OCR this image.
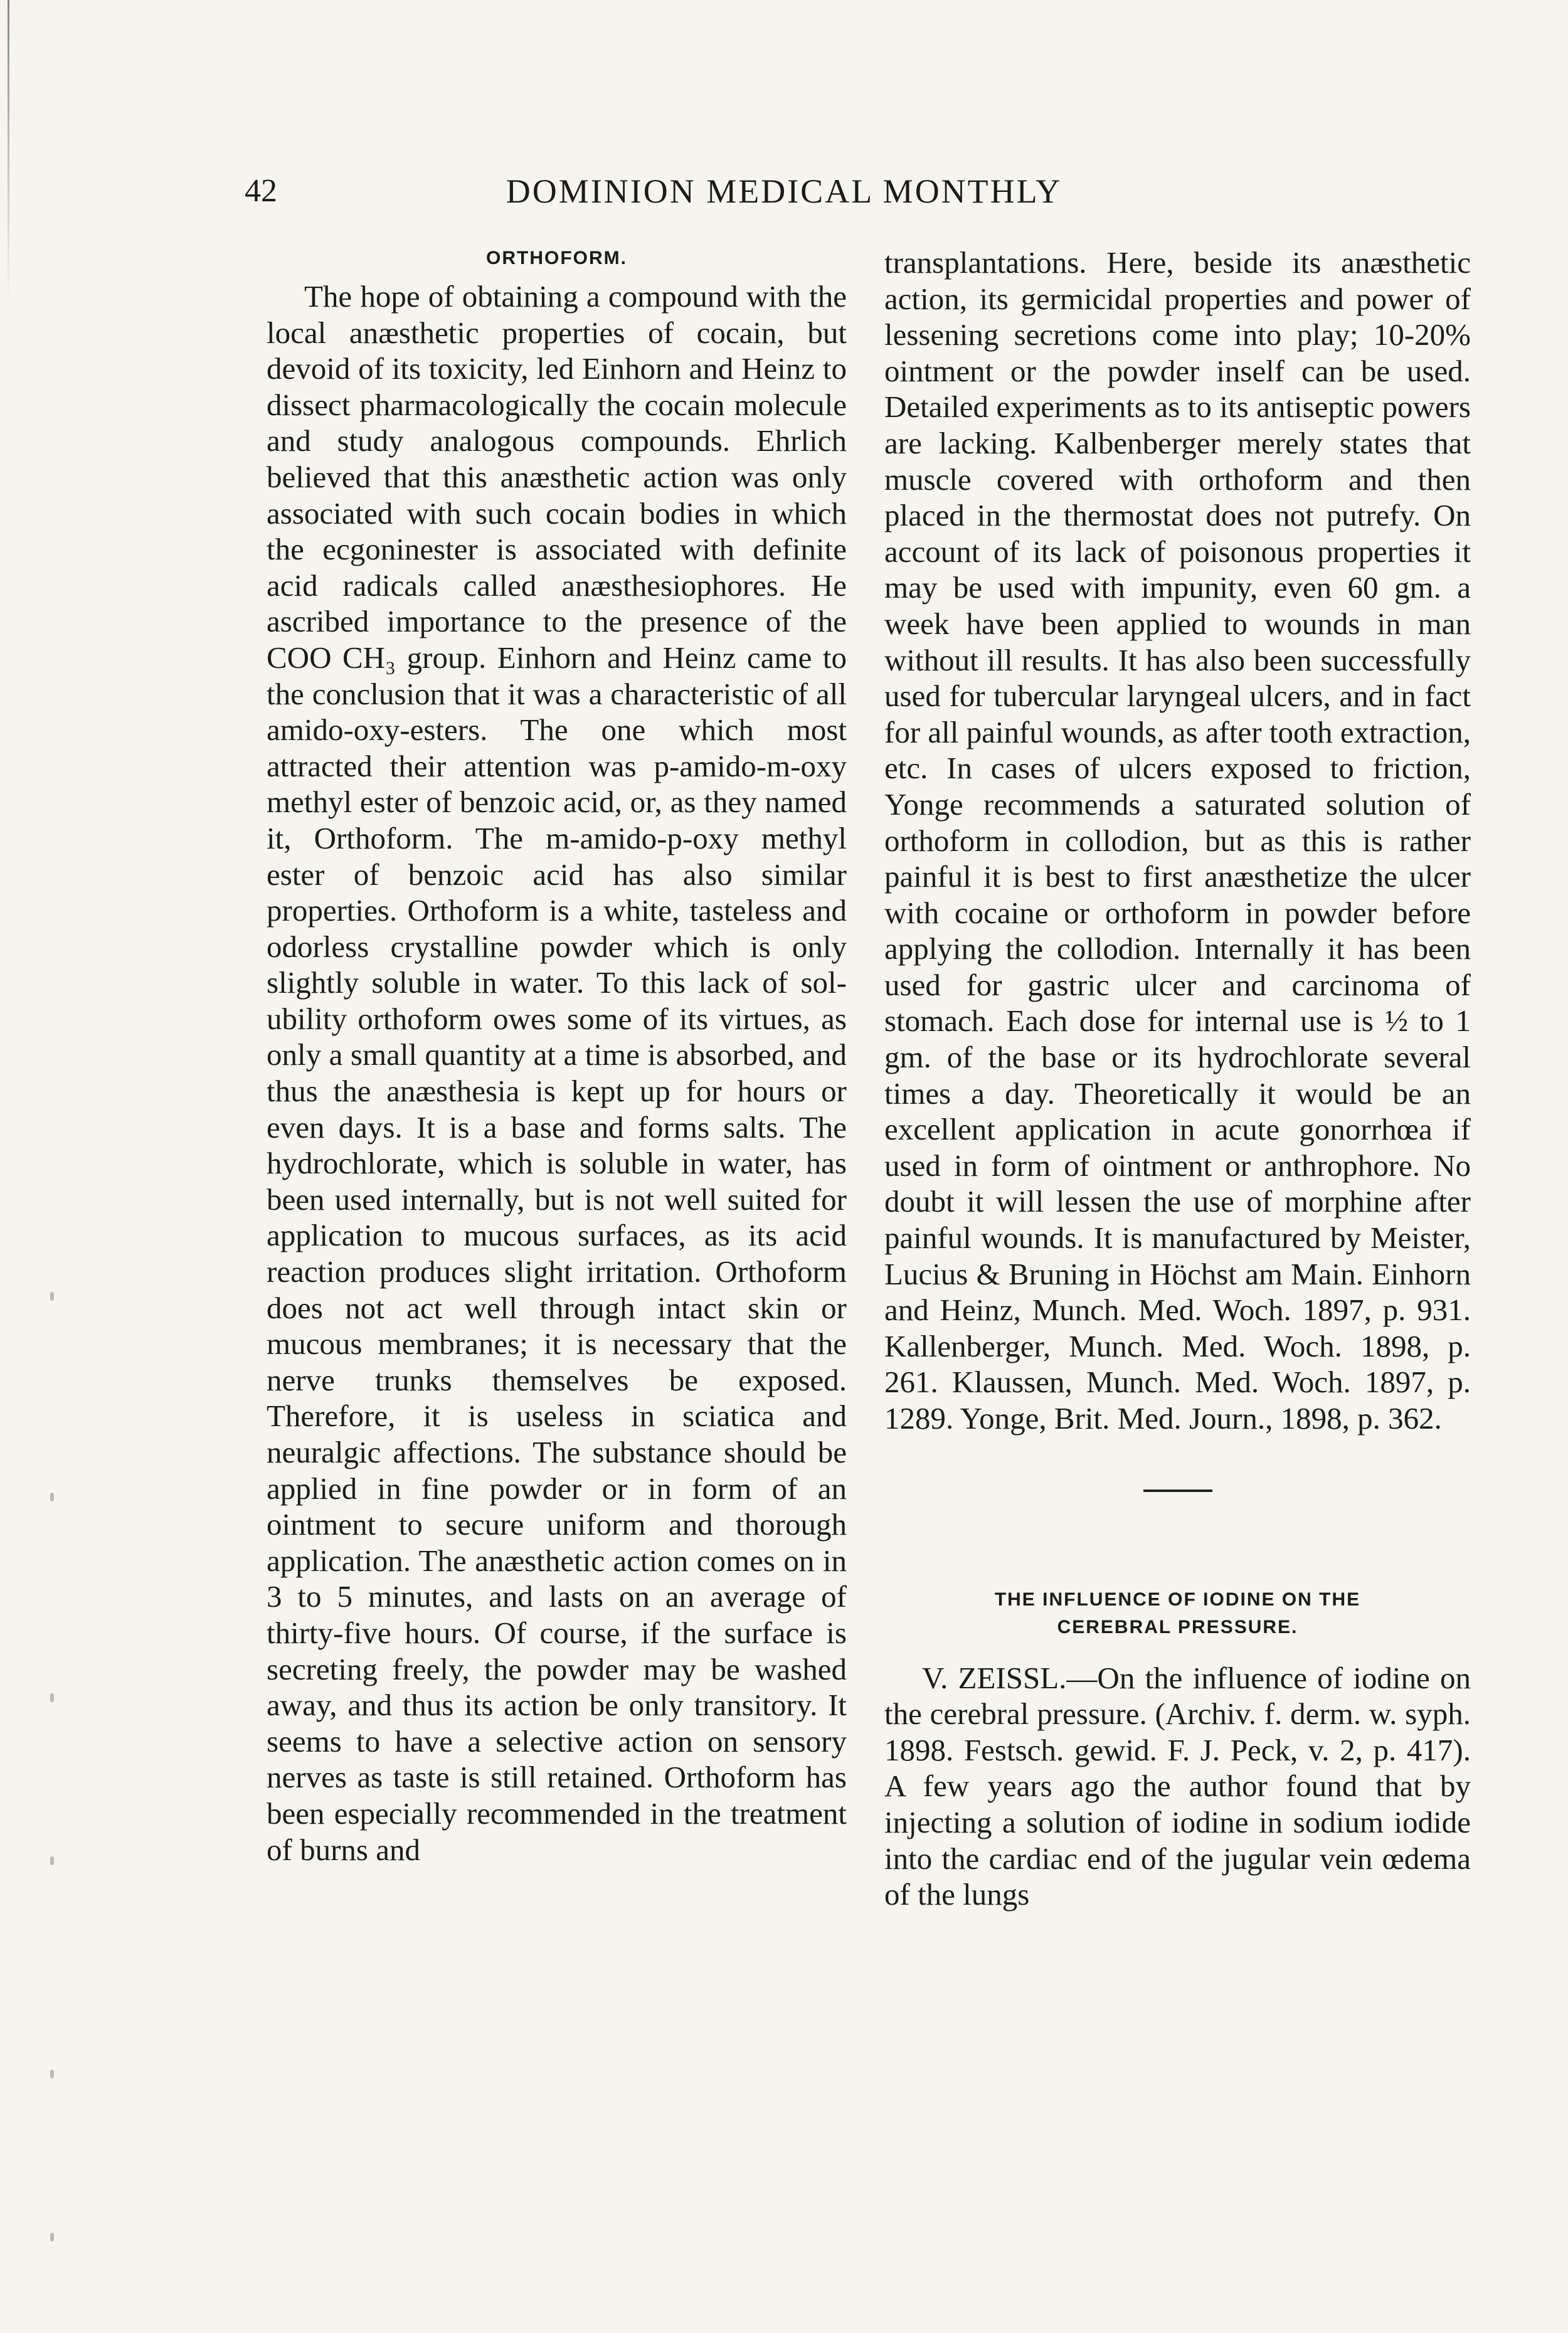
42	DOMINION MEDICAL MONTHLY

ORTHOFORM.

The hope of obtaining a compound with the local anæsthetic properties of cocain, but devoid of its toxicity, led Einhorn and Heinz to dissect pharmacologically the cocain molecule and study analogous compounds. Ehrlich believed that this anæsthetic action was only associated with such cocain bodies in which the ecgoninester is associated with definite acid radicals called anæsthesiophores. He ascribed importance to the presence of the COO CH₃ group. Einhorn and Heinz came to the conclusion that it was a characteristic of all amido-oxy-esters. The one which most attracted their attention was p-amido-m-oxy methyl ester of benzoic acid, or, as they named it, Orthoform. The m-amido-p-oxy methyl ester of benzoic acid has also similar properties. Orthoform is a white, tasteless and odorless crystalline powder which is only slightly soluble in water. To this lack of solubility orthoform owes some of its virtues, as only a small quantity at a time is absorbed, and thus the anæsthesia is kept up for hours or even days. It is a base and forms salts. The hydrochlorate, which is soluble in water, has been used internally, but is not well suited for application to mucous surfaces, as its acid reaction produces slight irritation. Orthoform does not act well through intact skin or mucous membranes; it is necessary that the nerve trunks themselves be exposed. Therefore, it is useless in sciatica and neuralgic affections. The substance should be applied in fine powder or in form of an ointment to secure uniform and thorough application. The anæsthetic action comes on in 3 to 5 minutes, and lasts on an average of thirty-five hours. Of course, if the surface is secreting freely, the powder may be washed away, and thus its action be only transitory. It seems to have a selective action on sensory nerves as taste is still retained. Orthoform has been especially recommended in the treatment of burns and

transplantations. Here, beside its anæsthetic action, its germicidal properties and power of lessening secretions come into play; 10-20% ointment or the powder inself can be used. Detailed experiments as to its antiseptic powers are lacking. Kalbenberger merely states that muscle covered with orthoform and then placed in the thermostat does not putrefy. On account of its lack of poisonous properties it may be used with impunity, even 60 gm. a week have been applied to wounds in man without ill results. It has also been successfully used for tubercular laryngeal ulcers, and in fact for all painful wounds, as after tooth extraction, etc. In cases of ulcers exposed to friction, Yonge recommends a saturated solution of orthoform in collodion, but as this is rather painful it is best to first anæsthetize the ulcer with cocaine or orthoform in powder before applying the collodion. Internally it has been used for gastric ulcer and carcinoma of stomach. Each dose for internal use is ½ to 1 gm. of the base or its hydrochlorate several times a day. Theoretically it would be an excellent application in acute gonorrhœa if used in form of ointment or anthrophore. No doubt it will lessen the use of morphine after painful wounds. It is manufactured by Meister, Lucius & Bruning in Höchst am Main. Einhorn and Heinz, Munch. Med. Woch. 1897, p. 931. Kallenberger, Munch. Med. Woch. 1898, p. 261. Klaussen, Munch. Med. Woch. 1897, p. 1289. Yonge, Brit. Med. Journ., 1898, p. 362.

THE INFLUENCE OF IODINE ON THE
CEREBRAL PRESSURE.

V. ZEISSL.—On the influence of iodine on the cerebral pressure. (Archiv. f. derm. w. syph. 1898. Festsch. gewid. F. J. Peck, v. 2, p. 417). A few years ago the author found that by injecting a solution of iodine in sodium iodide into the cardiac end of the jugular vein œdema of the lungs
